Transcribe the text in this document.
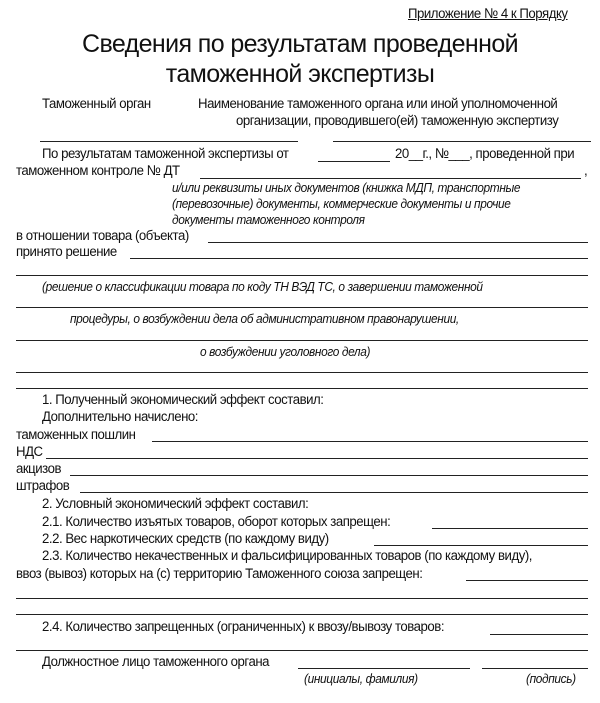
Приложение № 4 к Порядку
Сведения по результатам проведенной
таможенной экспертизы
Таможенный орган	Наименование таможенного органа или иной уполномоченной
организации, проводившего(ей) таможенную экспертизу
По результатам таможенной экспертизы от	20__г., №___, проведенной при
таможенном контроле № ДТ	,
и/или реквизиты иных документов (книжка МДП, транспортные
(перевозочные) документы, коммерческие документы и прочие
документы таможенного контроля
в отношении товара (объекта)
принято решение
(решение о классификации товара по коду ТН ВЭД ТС, о завершении таможенной
процедуры, о возбуждении дела об административном правонарушении,
о возбуждении уголовного дела)
1. Полученный экономический эффект составил:
Дополнительно начислено:
таможенных пошлин
НДС
акцизов
штрафов
2. Условный экономический эффект составил:
2.1. Количество изъятых товаров, оборот которых запрещен:
2.2. Вес наркотических средств (по каждому виду)
2.3. Количество некачественных и фальсифицированных товаров (по каждому виду),
ввоз (вывоз) которых на (с) территорию Таможенного союза запрещен:
2.4. Количество запрещенных (ограниченных) к ввозу/вывозу товаров:
Должностное лицо таможенного органа
(инициалы, фамилия)	(подпись)
